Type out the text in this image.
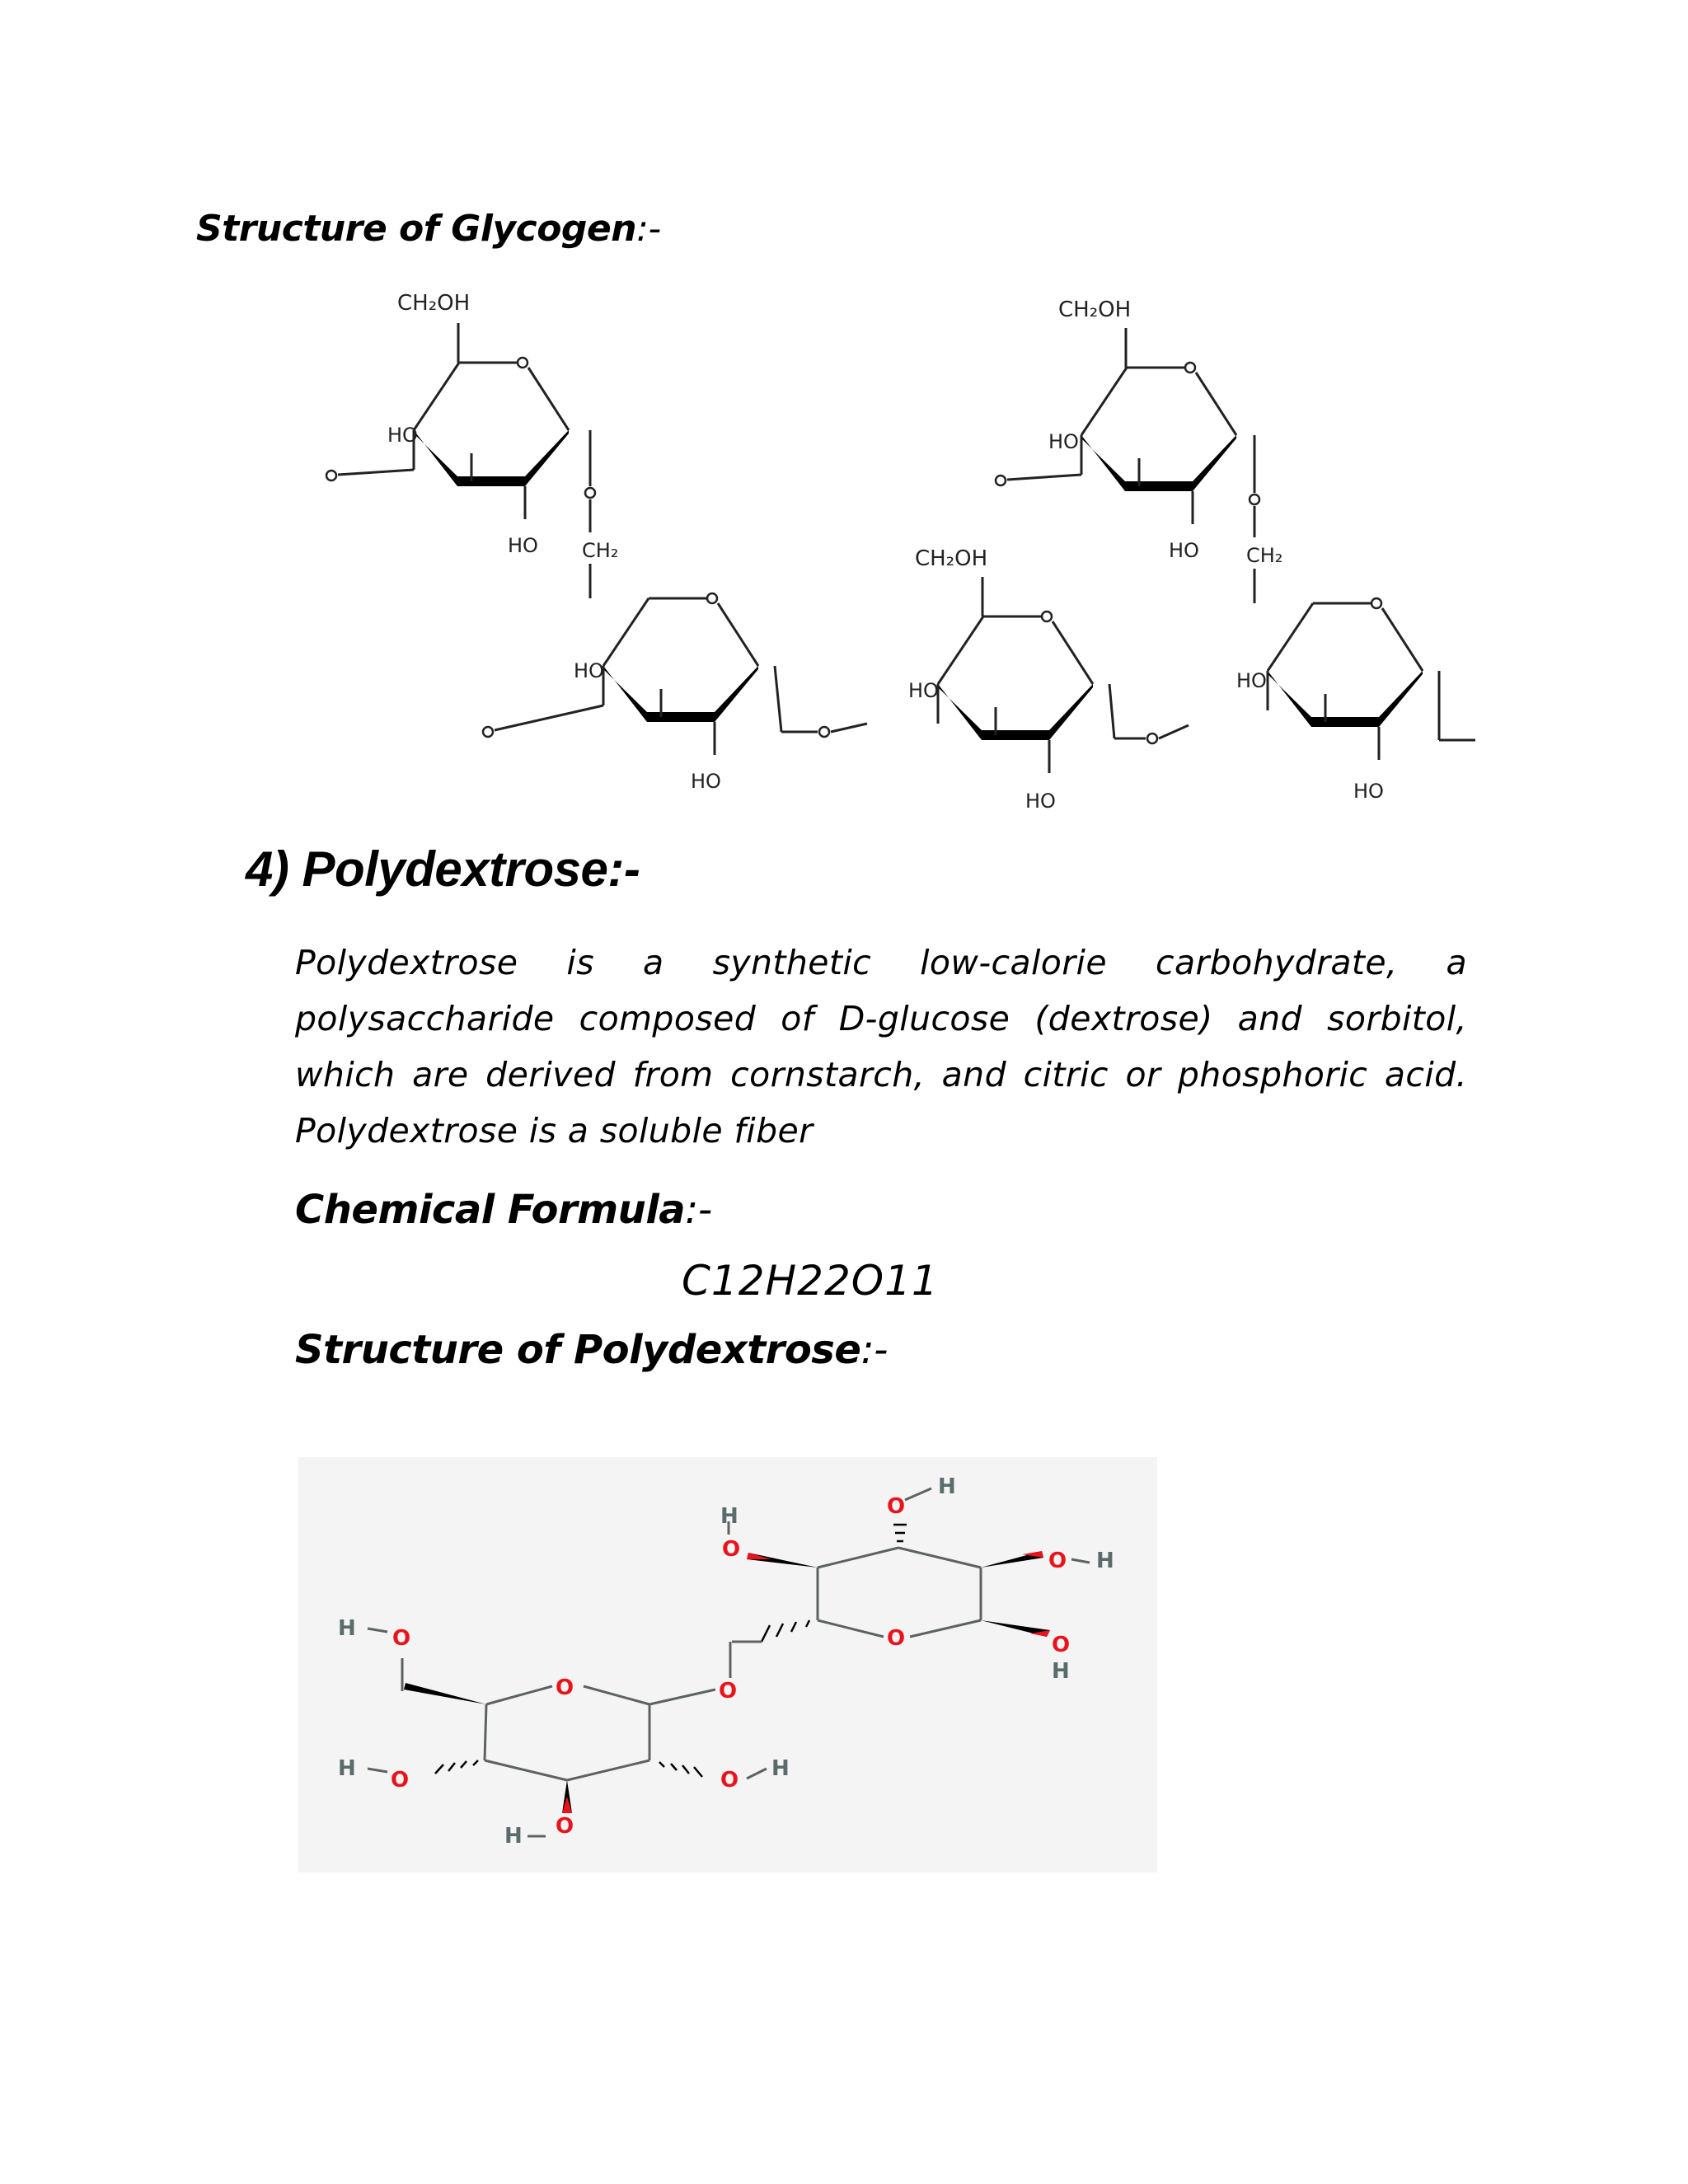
Structure of Glycogen:-
CH₂OH
HO
HO CH₂
HO
HO
CH₂OH
HO
HO
CH₂OH
HO
HO CH₂
HO
HO
4) Polydextrose:-
Polydextrose is a synthetic low-calorie carbohydrate, a polysaccharide composed of D-glucose (dextrose) and sorbitol, which are derived from cornstarch, and citric or phosphoric acid. Polydextrose is a soluble fiber
Chemical Formula:-
C12H22O11
Structure of Polydextrose:-
O
O
O
H
O
H
O
H
O
O H
O
H	O
H
O H
O
H
